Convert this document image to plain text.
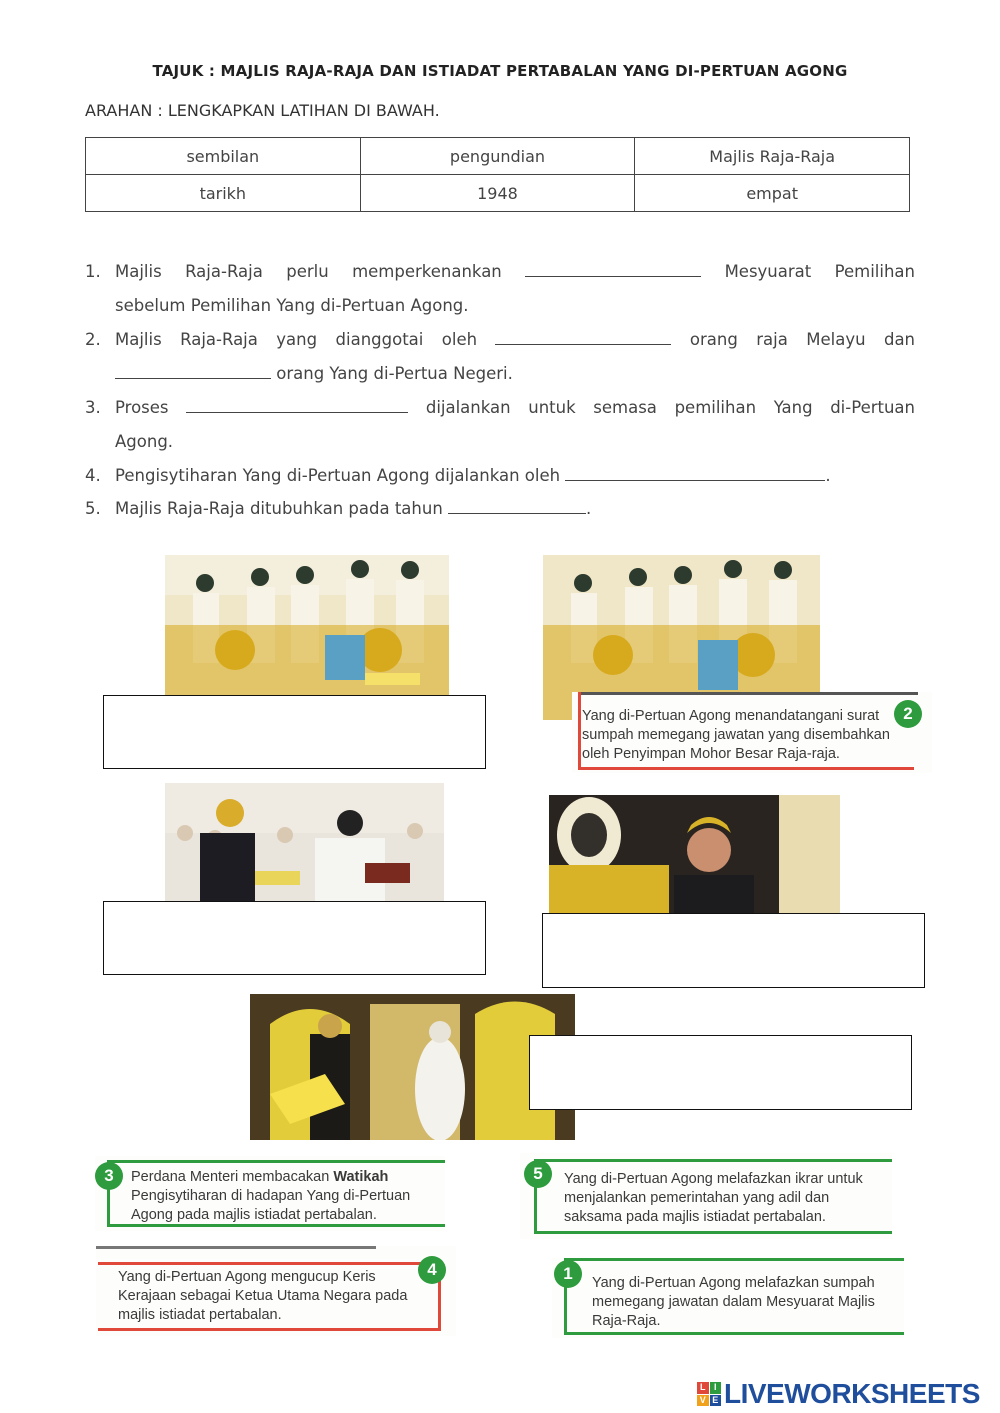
TAJUK : MAJLIS RAJA-RAJA DAN ISTIADAT PERTABALAN YANG DI-PERTUAN AGONG
ARAHAN : LENGKAPKAN LATIHAN DI BAWAH.
sembilan	pengundian	Majlis Raja-Raja
tarikh	1948	empat
1. Majlis Raja-Raja perlu memperkenankan	Mesyuarat Pemilihan
sebelum Pemilihan Yang di-Pertuan Agong.
2. Majlis Raja-Raja yang dianggotai oleh	orang raja Melayu dan
orang Yang di-Pertua Negeri.
3. Proses	dijalankan untuk semasa pemilihan Yang di-Pertuan
Agong.
4. Pengisytiharan Yang di-Pertuan Agong dijalankan oleh	.
5. Majlis Raja-Raja ditubuhkan pada tahun	.
Yang di-Pertuan Agong menandatangani surat sumpah memegang jawatan yang disembahkan oleh Penyimpan Mohor Besar Raja-raja.
2
Perdana Menteri membacakan Watikah Pengisytiharan di hadapan Yang di-Pertuan Agong pada majlis istiadat pertabalan.
3	Yang di-Pertuan Agong melafazkan ikrar untuk menjalankan pemerintahan yang adil dan saksama pada majlis istiadat pertabalan.
5
Yang di-Pertuan Agong mengucup Keris Kerajaan sebagai Ketua Utama Negara pada majlis istiadat pertabalan.
4
Yang di-Pertuan Agong melafazkan sumpah memegang jawatan dalam Mesyuarat Majlis Raja-Raja.
1
L I
V E LIVEWORKSHEETS
